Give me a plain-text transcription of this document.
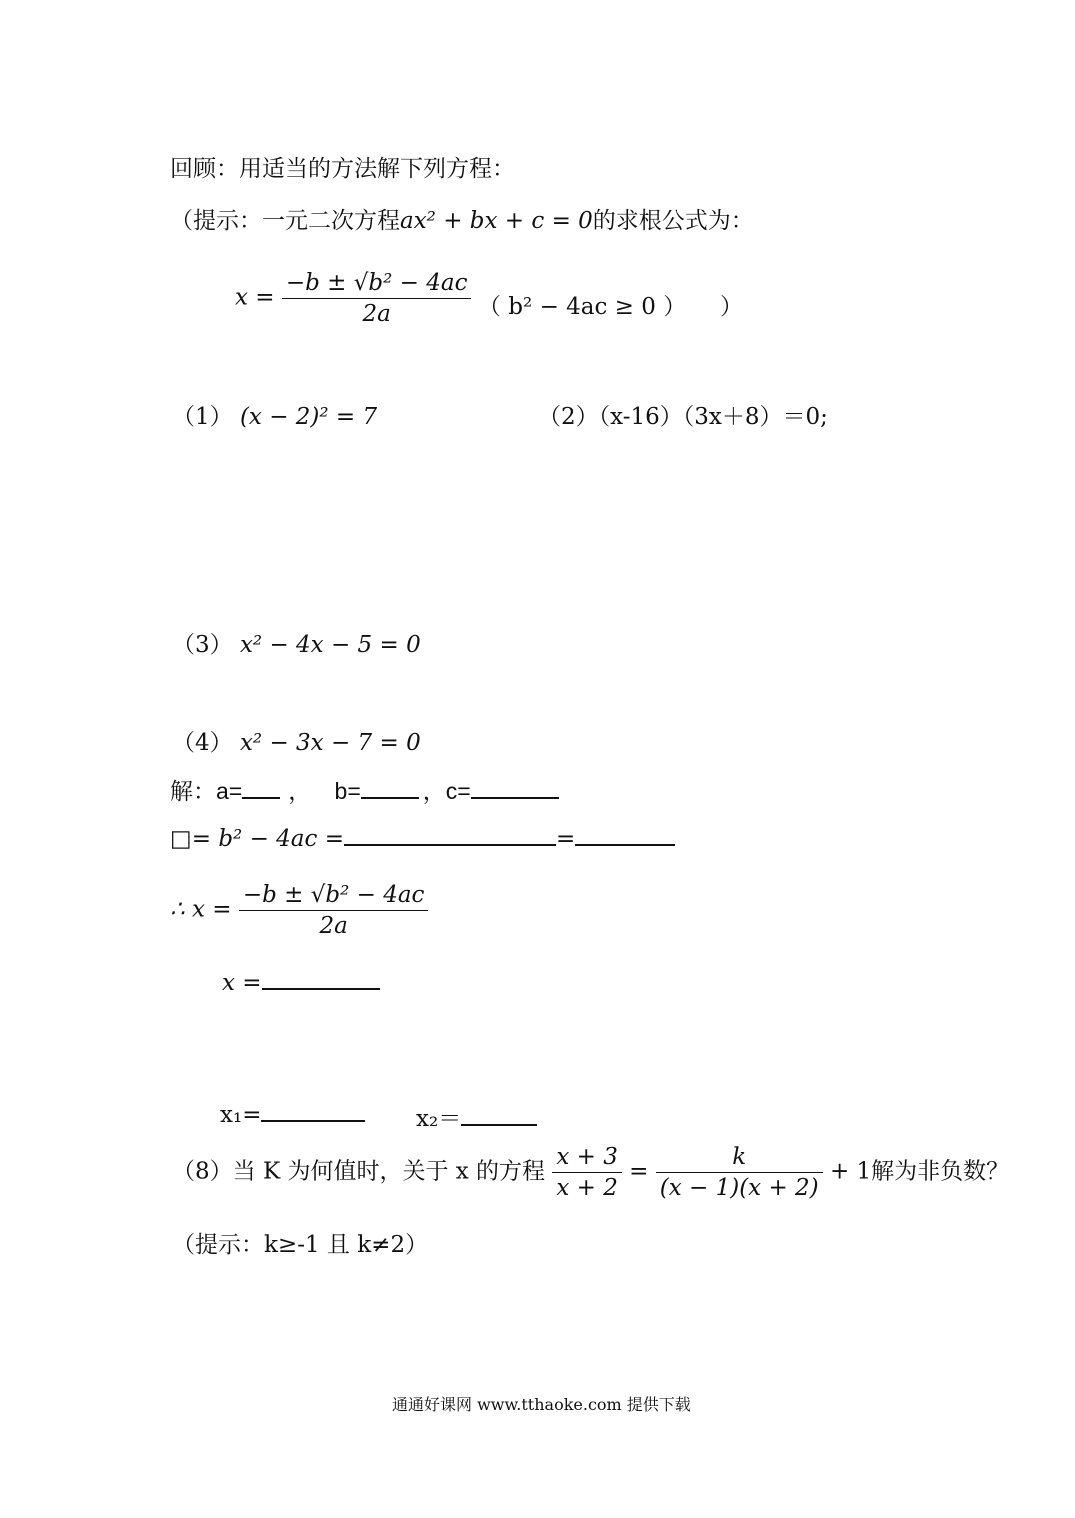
回顾：用适当的方法解下列方程：
（提示：一元二次方程ax² + bx + c = 0的求根公式为：
$x = \frac{\text{−b ± √b² − 4ac}}{2a}$ （ b² − 4ac ≥ 0 ） ）
（1） (x − 2)² = 7	（2）（x-16）（3x＋8）＝0;
（3） x² − 4x − 5 = 0
（4） x² − 3x − 7 = 0
解：a= ， b=	，c=
□= b² − 4ac =	=
∴ $x = \frac{\text{−b ± √b² − 4ac}}{2a}$
x =
x₁=	x₂＝
（8）当 K 为何值时，关于 x 的方程 $\frac{x + 3}{x + 2} = \frac{k}{(x - 1)(x + 2)} + 1$解为非负数？
（提示：k≥-1 且 k≠2）
通通好课网 www.tthaoke.com 提供下载
